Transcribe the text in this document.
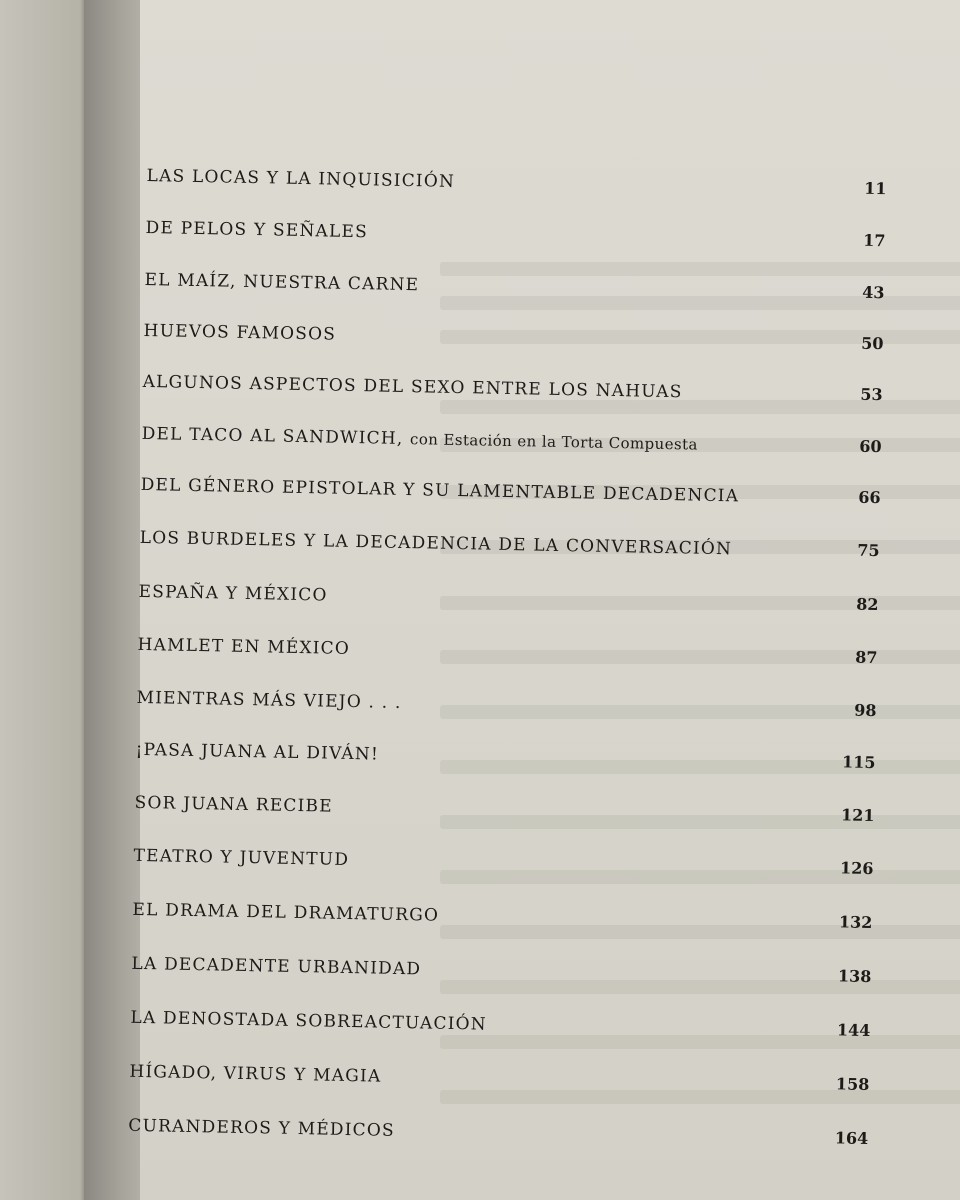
LAS LOCAS Y LA INQUISICIÓN	11
DE PELOS Y SEÑALES	17
EL MAÍZ, NUESTRA CARNE	43
HUEVOS FAMOSOS	50
ALGUNOS ASPECTOS DEL SEXO ENTRE LOS NAHUAS	53
DEL TACO AL SANDWICH, con Estación en la Torta Compuesta	60
DEL GÉNERO EPISTOLAR Y SU LAMENTABLE DECADENCIA	66
LOS BURDELES Y LA DECADENCIA DE LA CONVERSACIÓN	75
ESPAÑA Y MÉXICO	82
HAMLET EN MÉXICO	87
MIENTRAS MÁS VIEJO . . .	98
¡PASA JUANA AL DIVÁN!	115
SOR JUANA RECIBE	121
TEATRO Y JUVENTUD	126
EL DRAMA DEL DRAMATURGO	132
LA DECADENTE URBANIDAD	138
LA DENOSTADA SOBREACTUACIÓN	144
HÍGADO, VIRUS Y MAGIA	158
CURANDEROS Y MÉDICOS	164
